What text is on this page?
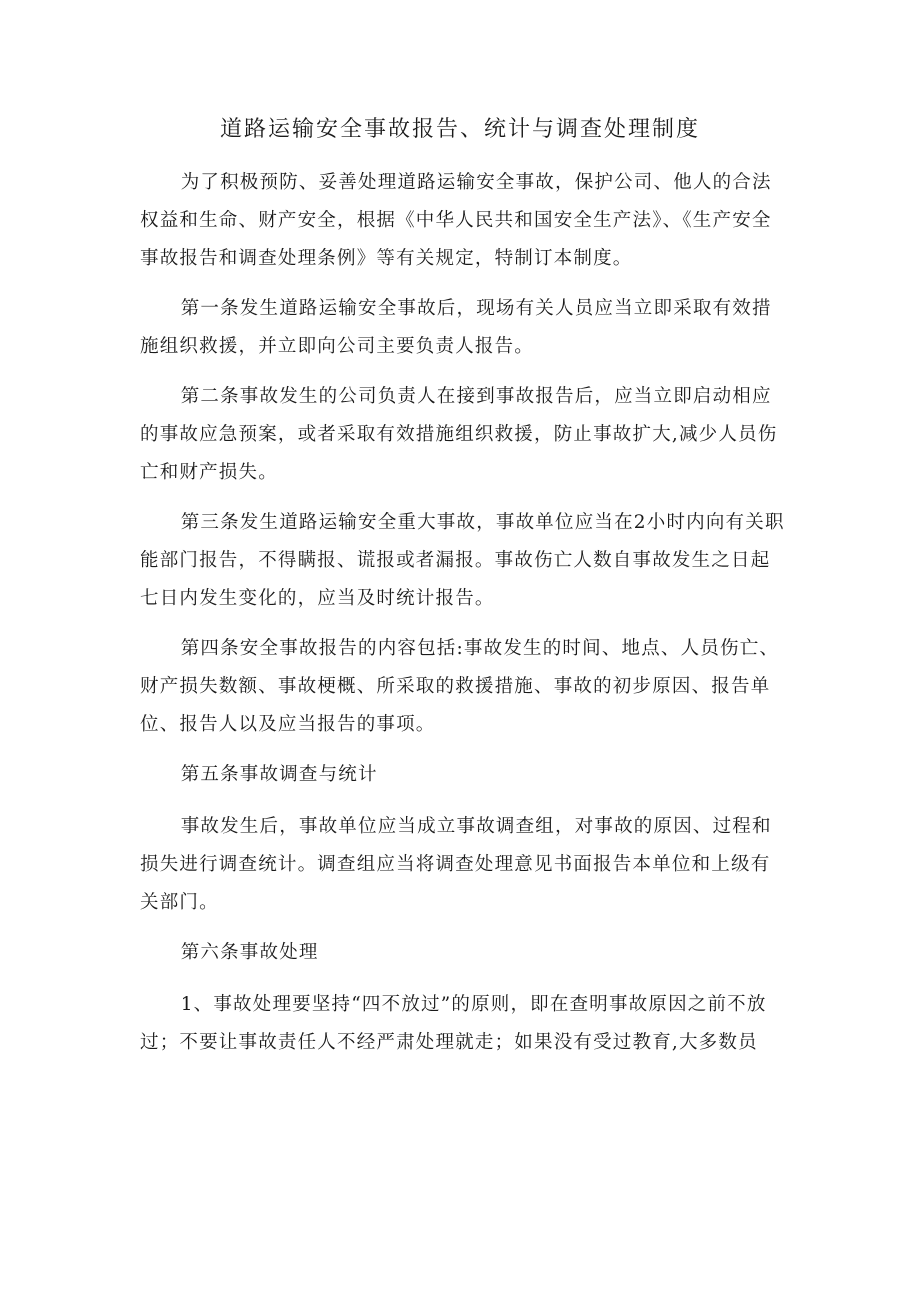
道路运输安全事故报告、统计与调查处理制度

为了积极预防、妥善处理道路运输安全事故，保护公司、他人的合法权益和生命、财产安全，根据《中华人民共和国安全生产法》、《生产安全事故报告和调查处理条例》等有关规定，特制订本制度。

第一条发生道路运输安全事故后，现场有关人员应当立即采取有效措施组织救援，并立即向公司主要负责人报告。

第二条事故发生的公司负责人在接到事故报告后，应当立即启动相应的事故应急预案，或者采取有效措施组织救援，防止事故扩大,减少人员伤亡和财产损失。

第三条发生道路运输安全重大事故，事故单位应当在2小时内向有关职能部门报告，不得瞒报、谎报或者漏报。事故伤亡人数自事故发生之日起七日内发生变化的，应当及时统计报告。

第四条安全事故报告的内容包括:事故发生的时间、地点、人员伤亡、财产损失数额、事故梗概、所采取的救援措施、事故的初步原因、报告单位、报告人以及应当报告的事项。

第五条事故调查与统计

事故发生后，事故单位应当成立事故调查组，对事故的原因、过程和损失进行调查统计。调查组应当将调查处理意见书面报告本单位和上级有关部门。

第六条事故处理

1、事故处理要坚持“四不放过”的原则，即在查明事故原因之前不放过；不要让事故责任人不经严肃处理就走；如果没有受过教育,大多数员
